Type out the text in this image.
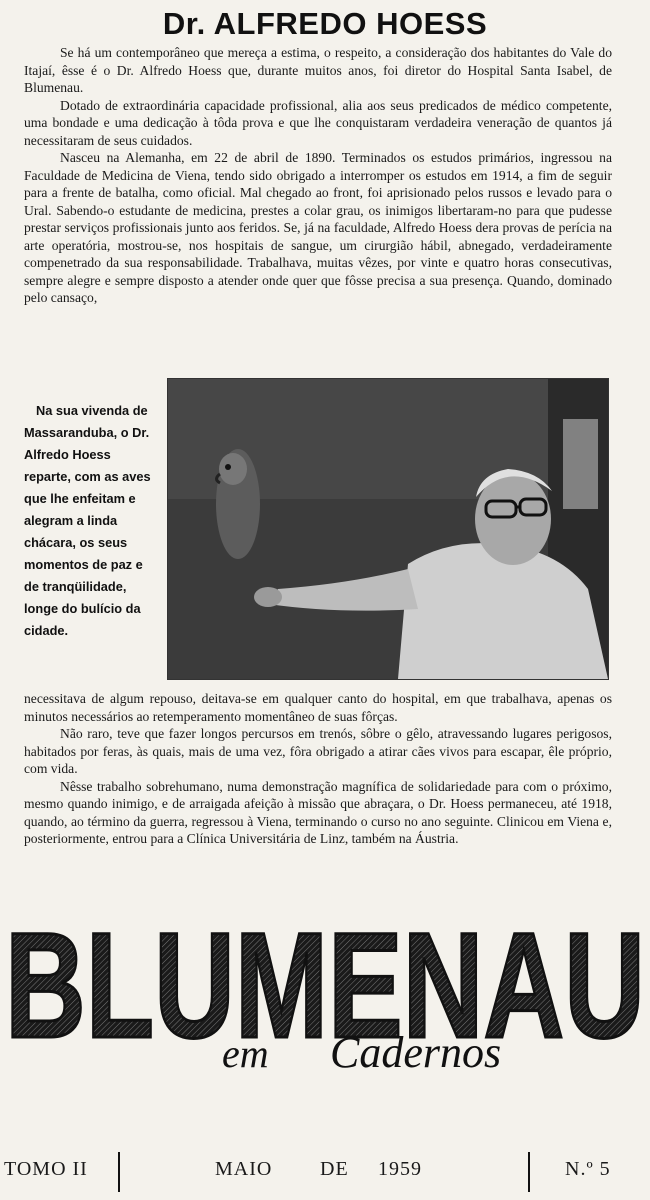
Dr. ALFREDO HOESS

Se há um contemporâneo que mereça a estima, o respeito, a consideração dos habitantes do Vale do Itajaí, êsse é o Dr. Alfredo Hoess que, durante muitos anos, foi diretor do Hospital Santa Isabel, de Blumenau.

Dotado de extraordinária capacidade profissional, alia aos seus predicados de médico competente, uma bondade e uma dedicação à tôda prova e que lhe conquistaram verdadeira veneração de quantos já necessitaram de seus cuidados.

Nasceu na Alemanha, em 22 de abril de 1890. Terminados os estudos primários, ingressou na Faculdade de Medicina de Viena, tendo sido obrigado a interromper os estudos em 1914, a fim de seguir para a frente de batalha, como oficial. Mal chegado ao front, foi aprisionado pelos russos e levado para o Ural. Sabendo-o estudante de medicina, prestes a colar grau, os inimigos libertaram-no para que pudesse prestar serviços profissionais junto aos feridos. Se, já na faculdade, Alfredo Hoess dera provas de perícia na arte operatória, mostrou-se, nos hospitais de sangue, um cirurgião hábil, abnegado, verdadeiramente compenetrado da sua responsabilidade. Trabalhava, muitas vêzes, por vinte e quatro horas consecutivas, sempre alegre e sempre disposto a atender onde quer que fôsse precisa a sua presença. Quando, dominado pelo cansaço,

Na sua vivenda de Massaranduba, o Dr. Alfredo Hoess reparte, com as aves que lhe enfeitam e alegram a linda chácara, os seus momentos de paz e de tranqüilidade, longe do bulício da cidade.

necessitava de algum repouso, deitava-se em qualquer canto do hospital, em que trabalhava, apenas os minutos necessários ao retemperamento momentâneo de suas fôrças.

Não raro, teve que fazer longos percursos em trenós, sôbre o gêlo, atravessando lugares perigosos, habitados por feras, às quais, mais de uma vez, fôra obrigado a atirar cães vivos para escapar, êle próprio, com vida.

Nêsse trabalho sobrehumano, numa demonstração magnífica de solidariedade para com o próximo, mesmo quando inimigo, e de arraigada afeição à missão que abraçara, o Dr. Hoess permaneceu, até 1918, quando, ao término da guerra, regressou à Viena, terminando o curso no ano seguinte. Clinicou em Viena e, posteriormente, entrou para a Clínica Universitária de Linz, também na Áustria.

BLUMENAU
em Cadernos
TOMO II	MAIO DE 1959	N.º 5
